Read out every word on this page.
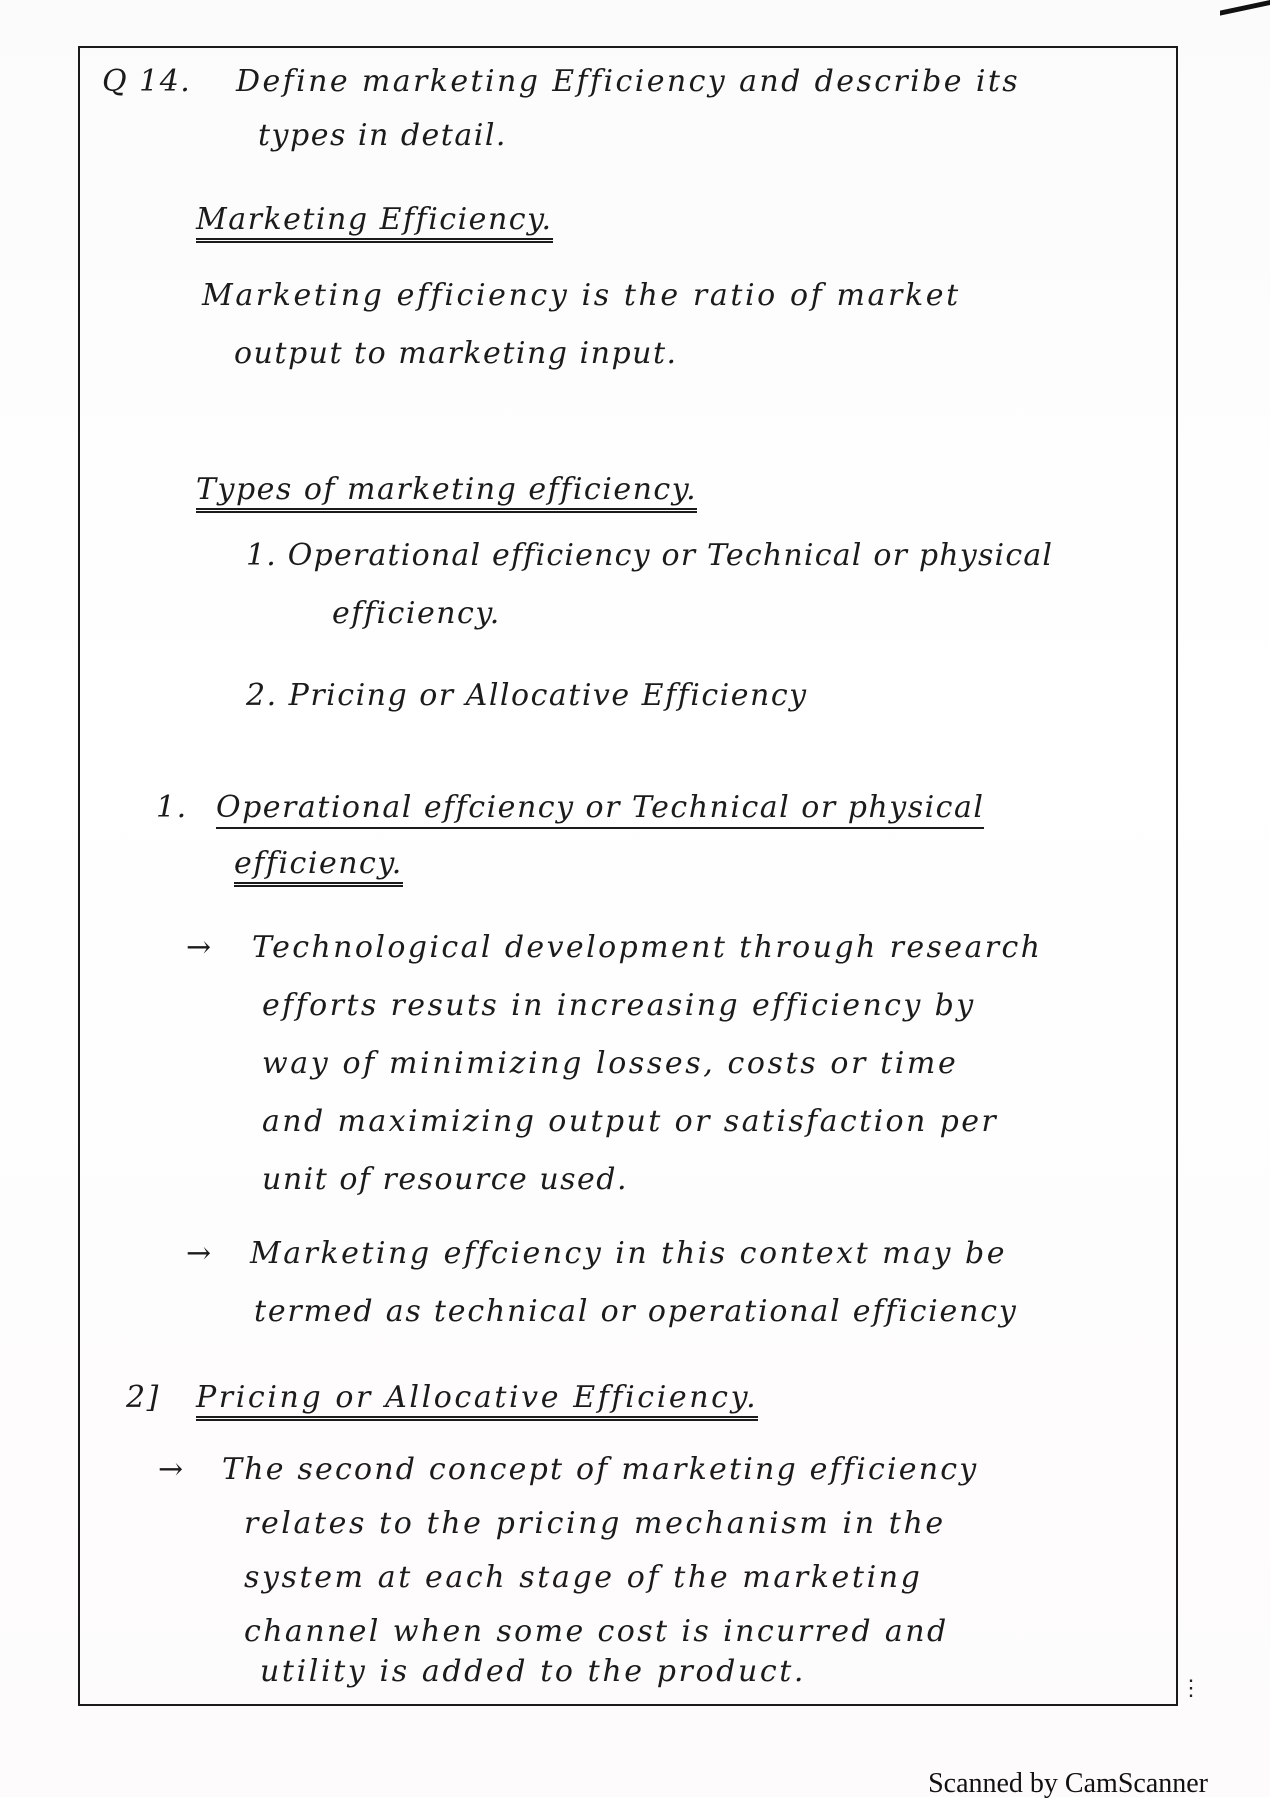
Q 14. Define marketing Efficiency and describe its

types in detail.

Marketing Efficiency.

Marketing efficiency is the ratio of market

output to marketing input.

Types of marketing efficiency.

1. Operational efficiency or Technical or physical

efficiency.

2. Pricing or Allocative Efficiency

1. Operational effciency or Technical or physical

efficiency.

→ Technological development through research

efforts resuts in increasing efficiency by

way of minimizing losses, costs or time

and maximizing output or satisfaction per

unit of resource used.

→ Marketing effciency in this context may be

termed as technical or operational efficiency

2] Pricing or Allocative Efficiency.

→ The second concept of marketing efficiency

relates to the pricing mechanism in the

system at each stage of the marketing

channel when some cost is incurred and

utility is added to the product.	⋮
Scanned by CamScanner
